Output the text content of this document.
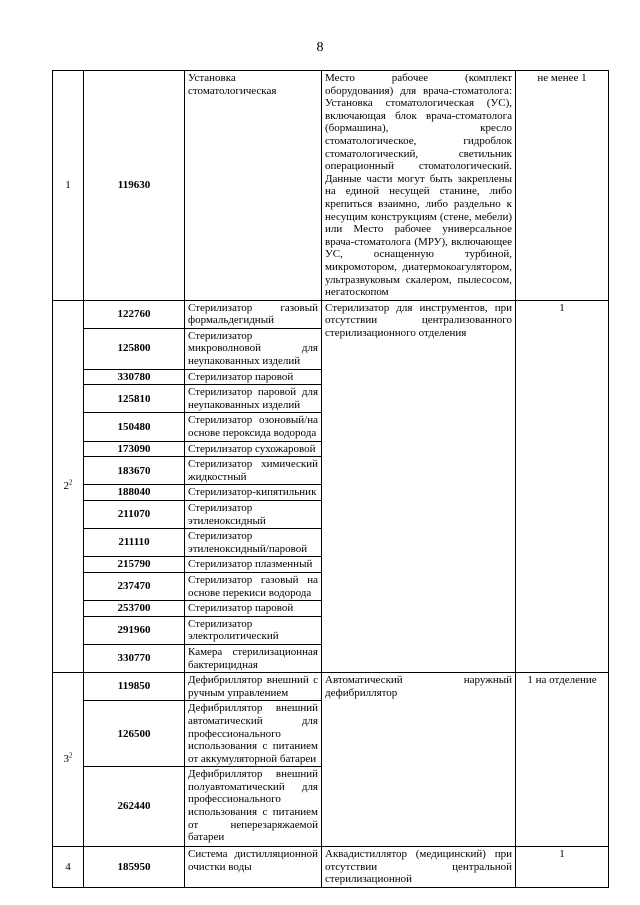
8
1	119630	Установка стоматологическая	Место рабочее (комплект оборудования) для врача-стоматолога: Установка стоматологическая (УС), включающая блок врача-стоматолога (бормашина), кресло стоматологическое, гидроблок стоматологический, светильник операционный стоматологический. Данные части могут быть закреплены на единой несущей станине, либо крепиться взаимно, либо раздельно к несущим конструкциям (стене, мебели) или Место рабочее универсальное врача-стоматолога (МРУ), включающее УС, оснащенную турбиной, микромотором, диатермокоагулятором, ультразвуковым скалером, пылесосом, негатоскопом	не менее 1
$2^2$	122760	Стерилизатор газовый формальдегидный	Стерилизатор для инструментов, при отсутствии централизованного стерилизационного отделения	1
	125800	Стерилизатор микроволновой для неупакованных изделий		
	330780	Стерилизатор паровой		
	125810	Стерилизатор паровой для неупакованных изделий		
	150480	Стерилизатор озоновый/на основе пероксида водорода		
	173090	Стерилизатор сухожаровой		
	183670	Стерилизатор химический жидкостный		
	188040	Стерилизатор-кипятильник		
	211070	Стерилизатор этиленоксидный		
	211110	Стерилизатор этиленоксидный/паровой		
	215790	Стерилизатор плазменный		
	237470	Стерилизатор газовый на основе перекиси водорода		
	253700	Стерилизатор паровой		
	291960	Стерилизатор электролитический		
	330770	Камера стерилизационная бактерицидная		
$3^2$	119850	Дефибриллятор внешний с ручным управлением	Автоматический наружный дефибриллятор	1 на отделение
	126500	Дефибриллятор внешний автоматический для профессионального использования с питанием от аккумуляторной батареи		
	262440	Дефибриллятор внешний полуавтоматический для профессионального использования с питанием от неперезаряжаемой батареи		
4	185950	Система дистилляционной очистки воды	Аквадистиллятор (медицинский) при отсутствии центральной стерилизационной	1
